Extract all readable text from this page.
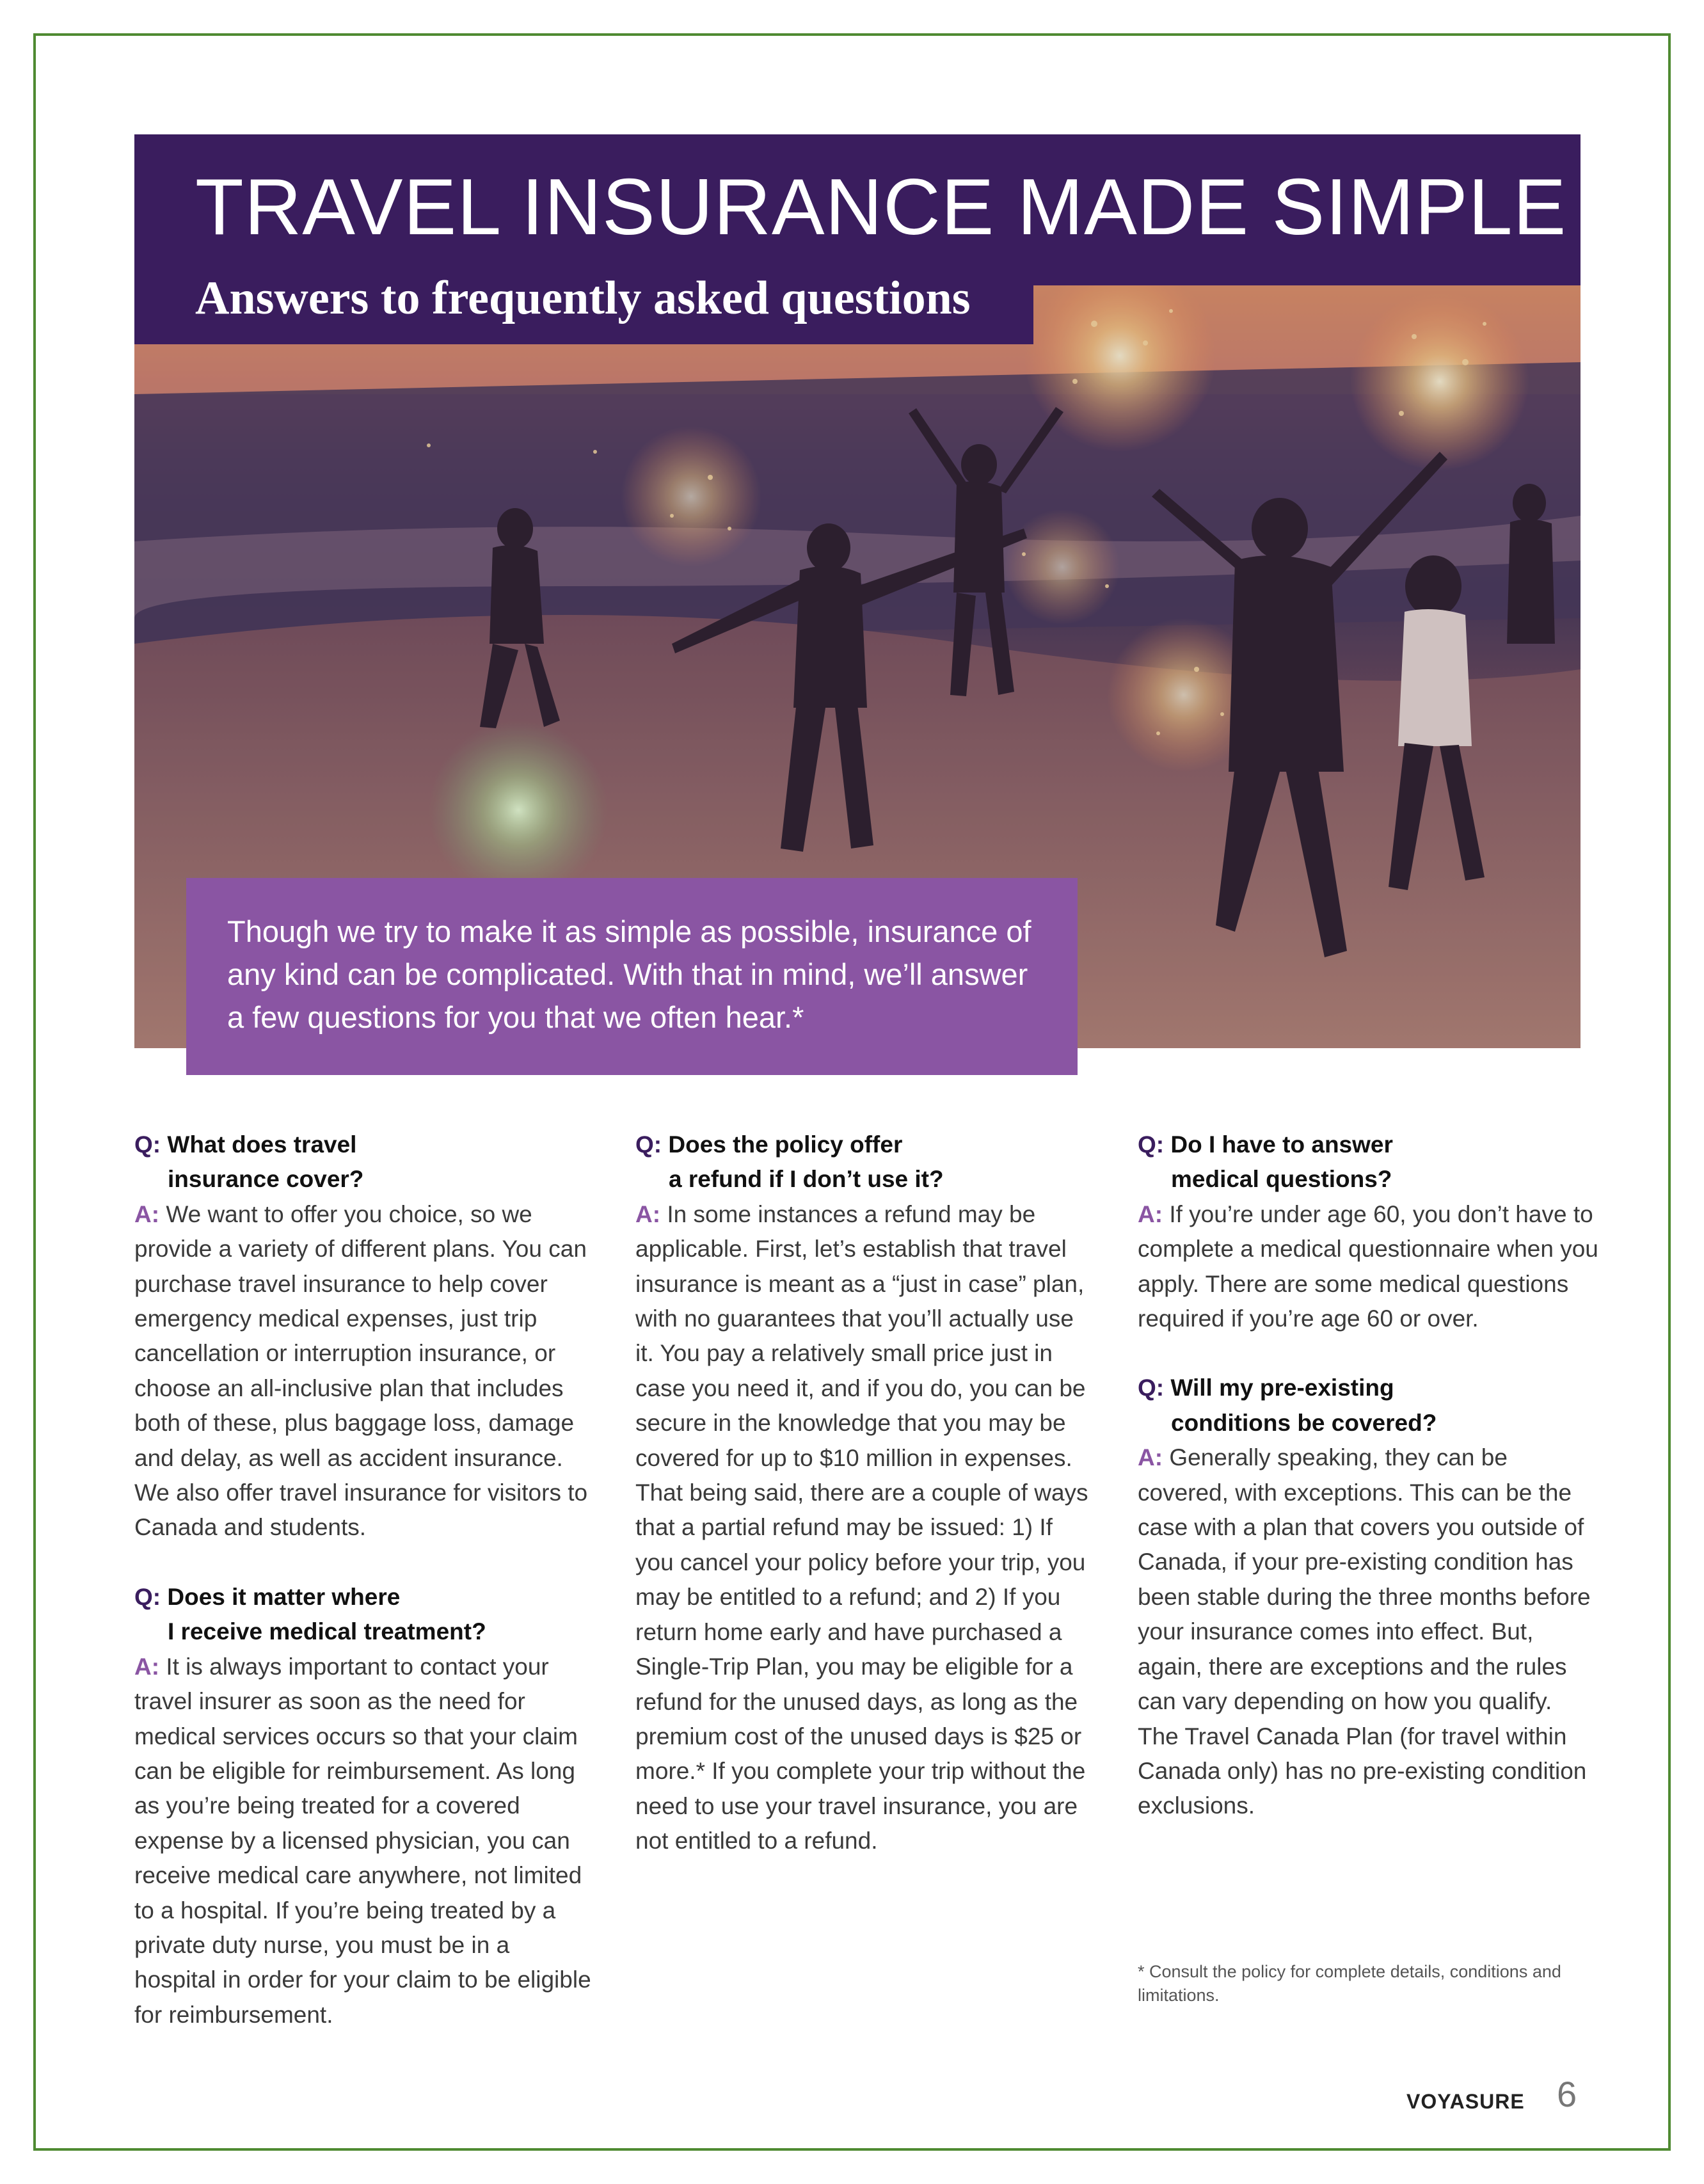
TRAVEL INSURANCE MADE SIMPLE
Answers to frequently asked questions

Though we try to make it as simple as possible, insurance of any kind can be complicated. With that in mind, we’ll answer a few questions for you that we often hear.*

Q: What does travel
insurance cover?
A: We want to offer you choice, so we provide a variety of different plans. You can purchase travel insurance to help cover emergency medical expenses, just trip cancellation or interruption insurance, or choose an all-inclusive plan that includes both of these, plus baggage loss, damage and delay, as well as accident insurance. We also offer travel insurance for visitors to Canada and students.
Q: Does it matter where
I receive medical treatment?
A: It is always important to contact your travel insurer as soon as the need for medical services occurs so that your claim can be eligible for reimbursement. As long as you’re being treated for a covered expense by a licensed physician, you can receive medical care anywhere, not limited to a hospital. If you’re being treated by a private duty nurse, you must be in a hospital in order for your claim to be eligible for reimbursement.
Q: Does the policy offer
a refund if I don’t use it?
A: In some instances a refund may be applicable. First, let’s establish that travel insurance is meant as a “just in case” plan, with no guarantees that you’ll actually use it. You pay a relatively small price just in case you need it, and if you do, you can be secure in the knowledge that you may be covered for up to $10 million in expenses. That being said, there are a couple of ways that a partial refund may be issued: 1) If you cancel your policy before your trip, you may be entitled to a refund; and 2) If you return home early and have purchased a Single-Trip Plan, you may be eligible for a refund for the unused days, as long as the premium cost of the unused days is $25 or more.* If you complete your trip without the need to use your travel insurance, you are not entitled to a refund.
Q: Do I have to answer
medical questions?
A: If you’re under age 60, you don’t have to complete a medical questionnaire when you apply. There are some medical questions required if you’re age 60 or over.
Q: Will my pre-existing
conditions be covered?
A: Generally speaking, they can be covered, with exceptions. This can be the case with a plan that covers you outside of Canada, if your pre-existing condition has been stable during the three months before your insurance comes into effect. But, again, there are exceptions and the rules can vary depending on how you qualify. The Travel Canada Plan (for travel within Canada only) has no pre-existing condition exclusions.

* Consult the policy for complete details, conditions and limitations.

VOYASURE 6
